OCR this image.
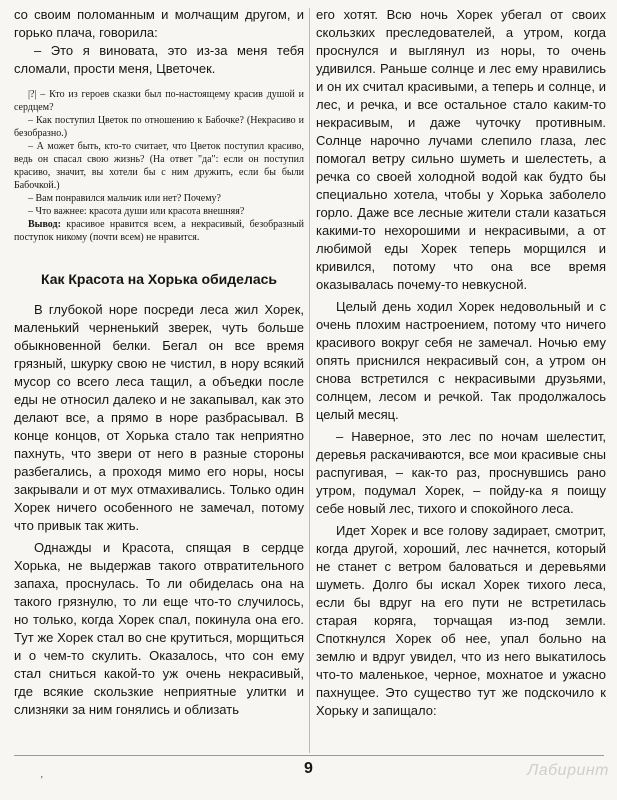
со своим поломанным и молчащим другом, и горько плача, говорила:

– Это я виновата, это из-за меня тебя сломали, прости меня, Цветочек.

|?| – Кто из героев сказки был по-настоящему красив душой и сердцем?

– Как поступил Цветок по отношению к Бабочке? (Некрасиво и безобразно.)

– А может быть, кто-то считает, что Цветок поступил красиво, ведь он спасал свою жизнь? (На ответ "да": если он поступил красиво, значит, вы хотели бы с ним дружить, если бы были Бабочкой.)

– Вам понравился мальчик или нет? Почему?

– Что важнее: красота души или красота внешняя?

Вывод: красивое нравится всем, а некрасивый, безобразный поступок никому (почти всем) не нравится.

Как Красота на Хорька обиделась

В глубокой норе посреди леса жил Хорек, маленький черненький зверек, чуть больше обыкновенной белки. Бегал он все время грязный, шкурку свою не чистил, в нору всякий мусор со всего леса тащил, а объедки после еды не относил далеко и не закапывал, как это делают все, а прямо в норе разбрасывал. В конце концов, от Хорька стало так неприятно пахнуть, что звери от него в разные стороны разбегались, а проходя мимо его норы, носы закрывали и от мух отмахивались. Только один Хорек ничего особенного не замечал, потому что привык так жить.

Однажды и Красота, спящая в сердце Хорька, не выдержав такого отвратительного запаха, проснулась. То ли обиделась она на такого грязнулю, то ли еще что-то случилось, но только, когда Хорек спал, покинула она его. Тут же Хорек стал во сне крутиться, морщиться и о чем-то скулить. Оказалось, что сон ему стал сниться какой-то уж очень некрасивый, где всякие скользкие неприятные улитки и слизняки за ним гонялись и облизать

его хотят. Всю ночь Хорек убегал от своих скользких преследователей, а утром, когда проснулся и выглянул из норы, то очень удивился. Раньше солнце и лес ему нравились и он их считал красивыми, а теперь и солнце, и лес, и речка, и все остальное стало каким-то некрасивым, и даже чуточку противным. Солнце нарочно лучами слепило глаза, лес помогал ветру сильно шуметь и шелестеть, а речка со своей холодной водой как будто бы специально хотела, чтобы у Хорька заболело горло. Даже все лесные жители стали казаться какими-то нехорошими и некрасивыми, а от любимой еды Хорек теперь морщился и кривился, потому что она все время оказывалась почему-то невкусной.

Целый день ходил Хорек недовольный и с очень плохим настроением, потому что ничего красивого вокруг себя не замечал. Ночью ему опять приснился некрасивый сон, а утром он снова встретился с некрасивыми друзьями, солнцем, лесом и речкой. Так продолжалось целый месяц.

– Наверное, это лес по ночам шелестит, деревья раскачиваются, все мои красивые сны распугивая, – как-то раз, проснувшись рано утром, подумал Хорек, – пойду-ка я поищу себе новый лес, тихого и спокойного леса.

Идет Хорек и все голову задирает, смотрит, когда другой, хороший, лес начнется, который не станет с ветром баловаться и деревьями шуметь. Долго бы искал Хорек тихого леса, если бы вдруг на его пути не встретилась старая коряга, торчащая из-под земли. Споткнулся Хорек об нее, упал больно на землю и вдруг увидел, что из него выкатилось что-то маленькое, черное, мохнатое и ужасно пахнущее. Это существо тут же подскочило к Хорьку и запищало:

’
9	Лабиринт
